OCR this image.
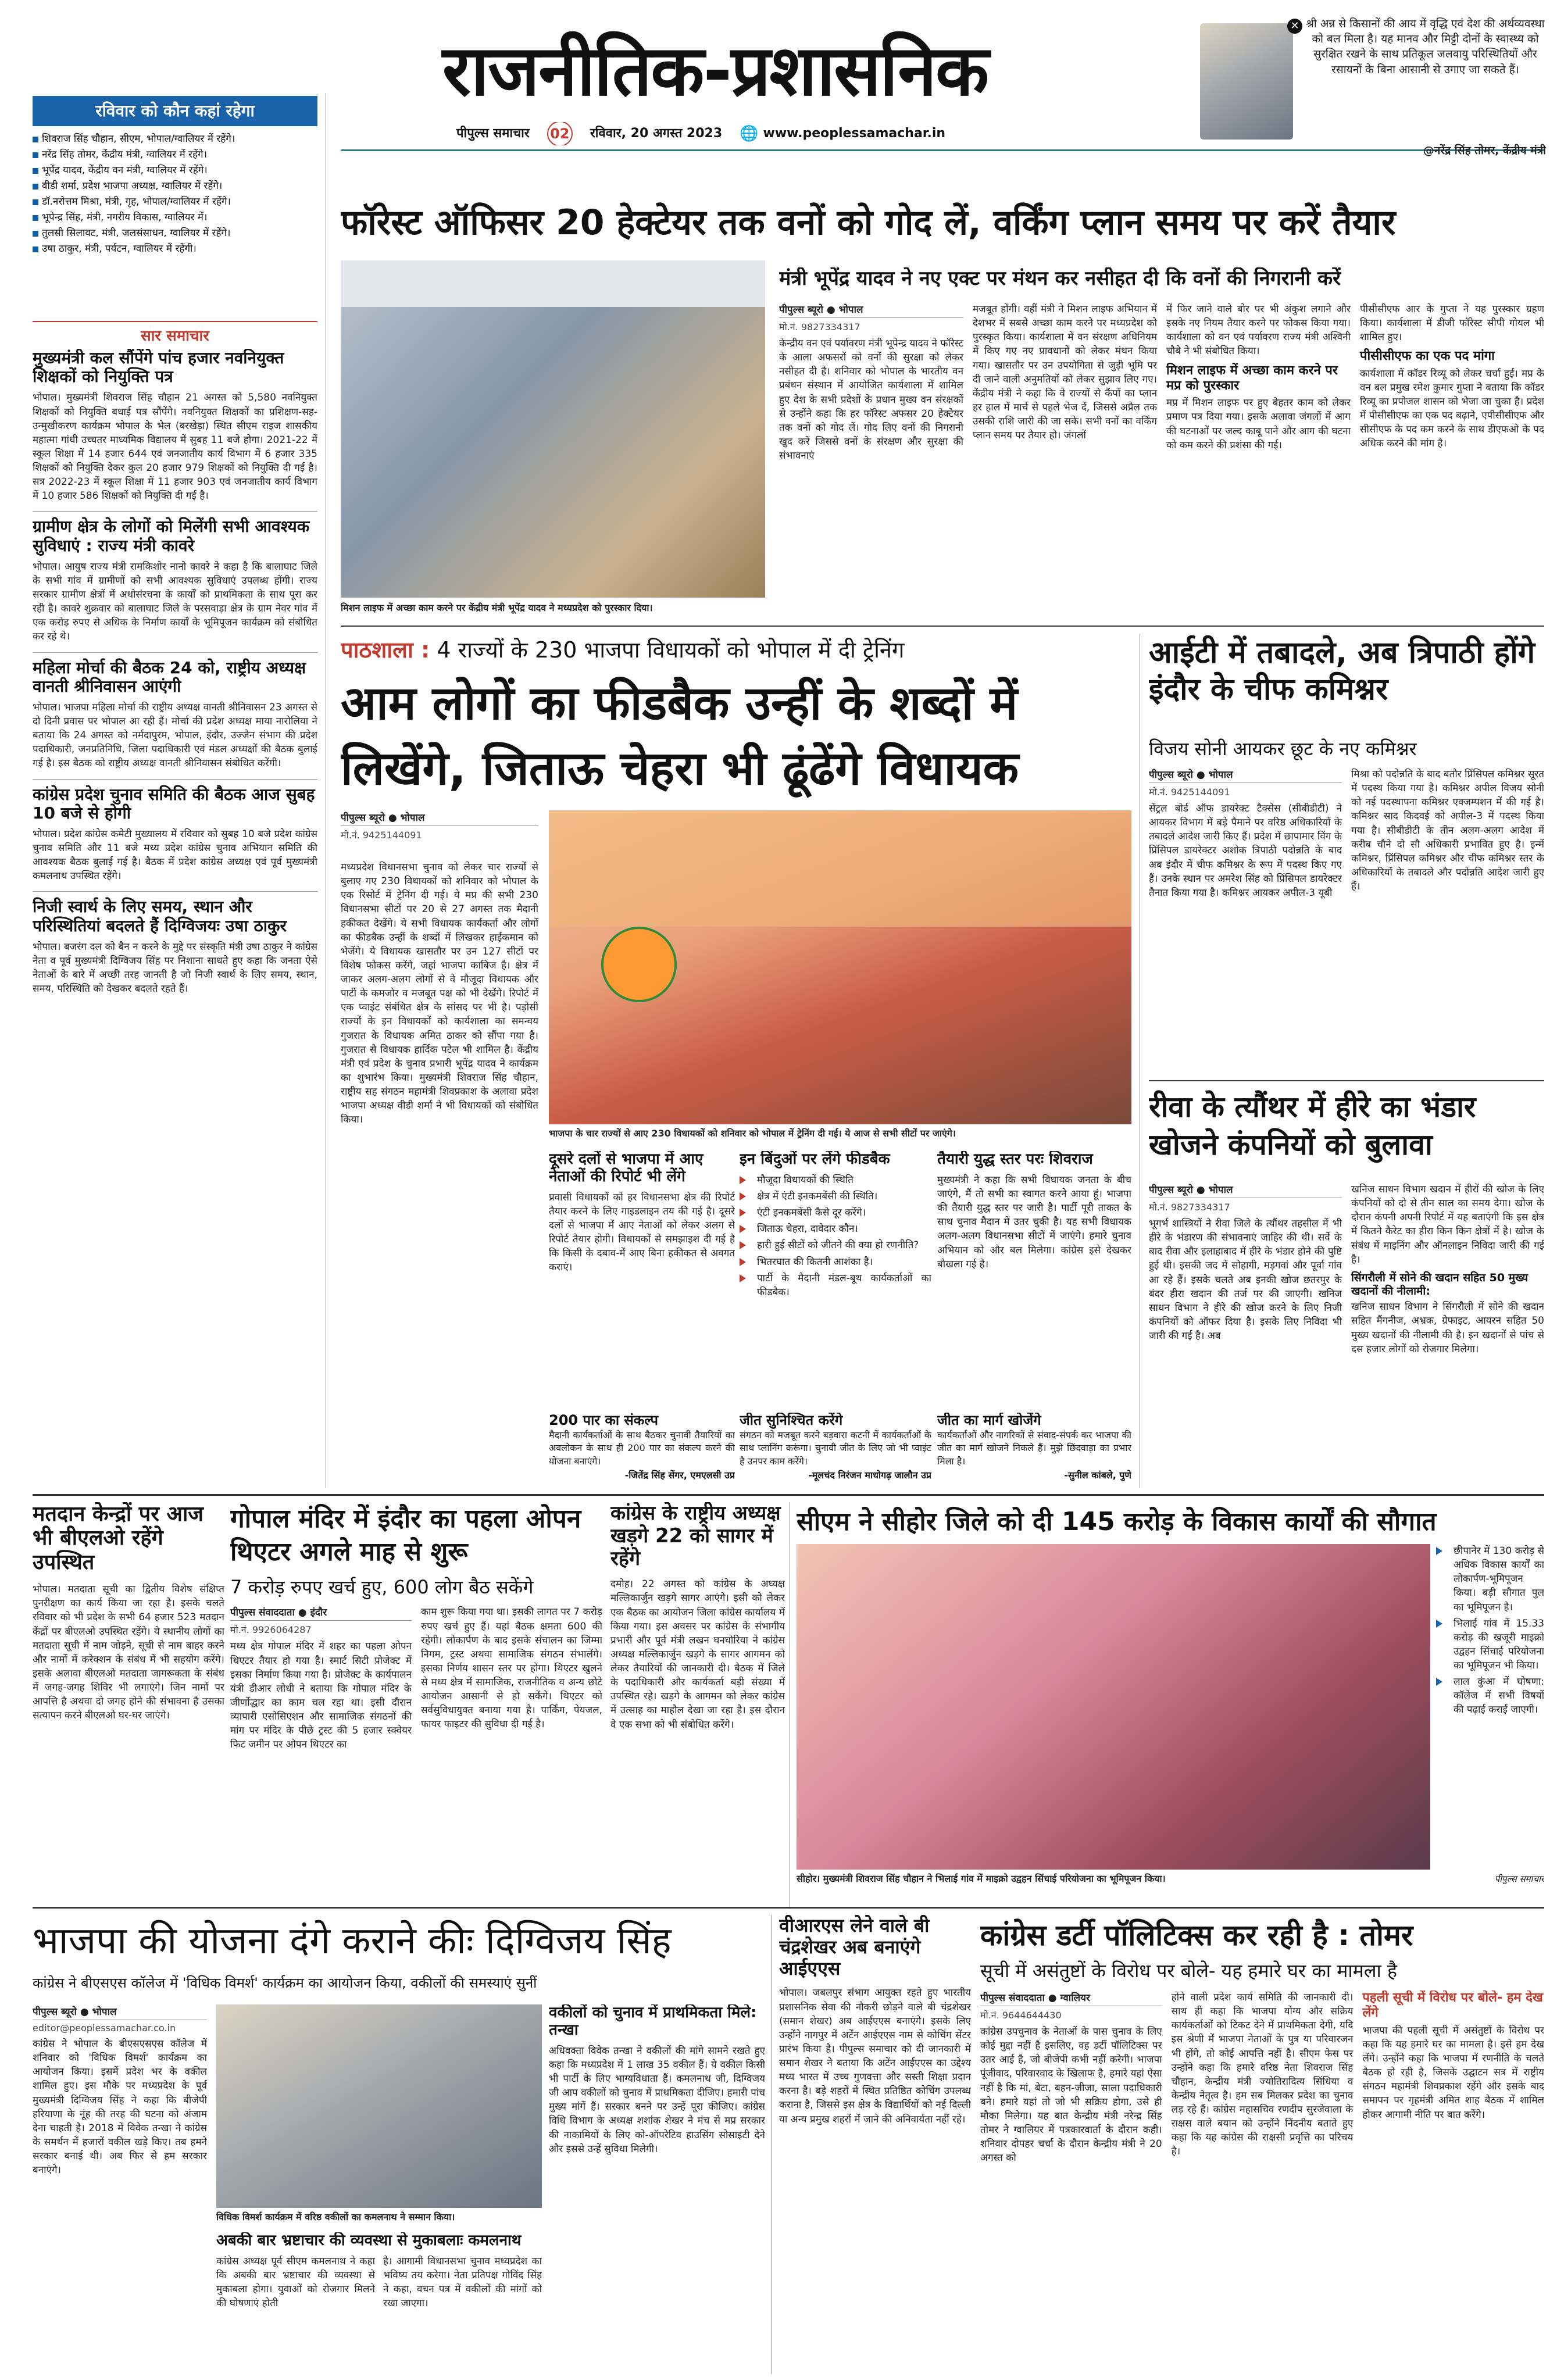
रविवार को कौन कहां रहेगा	राजनीतिक-प्रशासनिक
पीपुल्स समाचार 02 रविवार, 20 अगस्त 2023 🌐 www.peoplessamachar.in
✕ श्री अन्न से किसानों की आय में वृद्धि एवं देश की अर्थव्यवस्था को बल मिला है। यह मानव और मिट्टी दोनों के स्वास्थ्य को सुरक्षित रखने के साथ प्रतिकूल जलवायु परिस्थितियों और रसायनों के बिना आसानी से उगाए जा सकते हैं।
@नरेंद्र सिंह तोमर, केंद्रीय मंत्री
शिवराज सिंह चौहान, सीएम, भोपाल/ग्वालियर में रहेंगे।
नरेंद्र सिंह तोमर, केंद्रीय मंत्री, ग्वालियर में रहेंगे।
भूपेंद्र यादव, केंद्रीय वन मंत्री, ग्वालियर में रहेंगे।
वीडी शर्मा, प्रदेश भाजपा अध्यक्ष, ग्वालियर में रहेंगे।
डॉ.नरोत्तम मिश्रा, मंत्री, गृह, भोपाल/ग्वालियर में रहेंगे।
भूपेन्द्र सिंह, मंत्री, नगरीय विकास, ग्वालियर में।
तुलसी सिलावट, मंत्री, जलसंसाधन, ग्वालियर में रहेंगे।
उषा ठाकुर, मंत्री, पर्यटन, ग्वालियर में रहेंगी।
सार समाचार
मुख्यमंत्री कल सौंपेंगे पांच हजार नवनियुक्त शिक्षकों को नियुक्ति पत्र
भोपाल। मुख्यमंत्री शिवराज सिंह चौहान 21 अगस्त को 5,580 नवनियुक्त शिक्षकों को नियुक्ति बधाई पत्र सौंपेंगे। नवनियुक्त शिक्षकों का प्रशिक्षण-सह-उन्मुखीकरण कार्यक्रम भोपाल के भेल (बरखेड़ा) स्थित सीएम राइज शासकीय महात्मा गांधी उच्चतर माध्यमिक विद्यालय में सुबह 11 बजे होगा। 2021-22 में स्कूल शिक्षा में 14 हजार 644 एवं जनजातीय कार्य विभाग में 6 हजार 335 शिक्षकों को नियुक्ति देकर कुल 20 हजार 979 शिक्षकों को नियुक्ति दी गई है। सत्र 2022-23 में स्कूल शिक्षा में 11 हजार 903 एवं जनजातीय कार्य विभाग में 10 हजार 586 शिक्षकों को नियुक्ति दी गई है।
ग्रामीण क्षेत्र के लोगों को मिलेंगी सभी आवश्यक सुविधाएं : राज्य मंत्री कावरे
भोपाल। आयुष राज्य मंत्री रामकिशोर नानो कावरे ने कहा है कि बालाघाट जिले के सभी गांव में ग्रामीणों को सभी आवश्यक सुविधाएं उपलब्ध होंगी। राज्य सरकार ग्रामीण क्षेत्रों में अधोसंरचना के कार्यों को प्राथमिकता के साथ पूरा कर रही है। कावरे शुक्रवार को बालाघाट जिले के परसवाड़ा क्षेत्र के ग्राम नेवर गांव में एक करोड़ रुपए से अधिक के निर्माण कार्यों के भूमिपूजन कार्यक्रम को संबोधित कर रहे थे।
महिला मोर्चा की बैठक 24 को, राष्ट्रीय अध्यक्ष वानती श्रीनिवासन आएंगी
भोपाल। भाजपा महिला मोर्चा की राष्ट्रीय अध्यक्ष वानती श्रीनिवासन 23 अगस्त से दो दिनी प्रवास पर भोपाल आ रही हैं। मोर्चा की प्रदेश अध्यक्ष माया नारोलिया ने बताया कि 24 अगस्त को नर्मदापुरम, भोपाल, इंदौर, उज्जैन संभाग की प्रदेश पदाधिकारी, जनप्रतिनिधि, जिला पदाधिकारी एवं मंडल अध्यक्षों की बैठक बुलाई गई है। इस बैठक को राष्ट्रीय अध्यक्ष वानती श्रीनिवासन संबोधित करेंगी।
कांग्रेस प्रदेश चुनाव समिति की बैठक आज सुबह 10 बजे से होगी
भोपाल। प्रदेश कांग्रेस कमेटी मुख्यालय में रविवार को सुबह 10 बजे प्रदेश कांग्रेस चुनाव समिति और 11 बजे मध्य प्रदेश कांग्रेस चुनाव अभियान समिति की आवश्यक बैठक बुलाई गई है। बैठक में प्रदेश कांग्रेस अध्यक्ष एवं पूर्व मुख्यमंत्री कमलनाथ उपस्थित रहेंगे।
निजी स्वार्थ के लिए समय, स्थान और परिस्थितियां बदलते हैं दिग्विजयः उषा ठाकुर
भोपाल। बजरंग दल को बैन न करने के मुद्दे पर संस्कृति मंत्री उषा ठाकुर ने कांग्रेस नेता व पूर्व मुख्यमंत्री दिग्विजय सिंह पर निशाना साधते हुए कहा कि जनता ऐसे नेताओं के बारे में अच्छी तरह जानती है जो निजी स्वार्थ के लिए समय, स्थान, समय, परिस्थिति को देखकर बदलते रहते हैं।
फॉरेस्ट ऑफिसर 20 हेक्टेयर तक वनों को गोद लें, वर्किंग प्लान समय पर करें तैयार
मिशन लाइफ में अच्छा काम करने पर केंद्रीय मंत्री भूपेंद्र यादव ने मध्यप्रदेश को पुरस्कार दिया।
मंत्री भूपेंद्र यादव ने नए एक्ट पर मंथन कर नसीहत दी कि वनों की निगरानी करें
पीपुल्स ब्यूरो ● भोपाल
मो.नं. 9827334317
केन्द्रीय वन एवं पर्यावरण मंत्री भूपेन्द्र यादव ने फॉरेस्ट के आला अफसरों को वनों की सुरक्षा को लेकर नसीहत दी है। शनिवार को भोपाल के भारतीय वन प्रबंधन संस्थान में आयोजित कार्यशाला में शामिल हुए देश के सभी प्रदेशों के प्रधान मुख्य वन संरक्षकों से उन्होंने कहा कि हर फॉरेस्ट अफसर 20 हेक्टेयर तक वनों को गोद लें। गोद लिए वनों की निगरानी खुद करें जिससे वनों के संरक्षण और सुरक्षा की संभावनाएं
मजबूत होंगी। वहीं मंत्री ने मिशन लाइफ अभियान में देशभर में सबसे अच्छा काम करने पर मध्यप्रदेश को पुरस्कृत किया। कार्यशाला में वन संरक्षण अधिनियम में किए गए नए प्रावधानों को लेकर मंथन किया गया। खासतौर पर उन उपयोगिता से जुड़ी भूमि पर दी जाने वाली अनुमतियों को लेकर सुझाव लिए गए। केंद्रीय मंत्री ने कहा कि वे राज्यों से कैंपों का प्लान हर हाल में मार्च से पहले भेज दें, जिससे अप्रैल तक उसकी राशि जारी की जा सके। सभी वनों का वर्किंग प्लान समय पर तैयार हो। जंगलों
में फिर जाने वाले बोर पर भी अंकुश लगाने और इसके नए नियम तैयार करने पर फोकस किया गया। कार्यशाला को वन एवं पर्यावरण राज्य मंत्री अश्विनी चौबे ने भी संबोधित किया।
मिशन लाइफ में अच्छा काम करने पर मप्र को पुरस्कार
मप्र में मिशन लाइफ पर हुए बेहतर काम को लेकर प्रमाण पत्र दिया गया। इसके अलावा जंगलों में आग की घटनाओं पर जल्द काबू पाने और आग की घटना को कम करने की प्रशंसा की गई।
पीसीसीएफ आर के गुप्ता ने यह पुरस्कार ग्रहण किया। कार्यशाला में डीजी फॉरेस्ट सीपी गोयल भी शामिल हुए।
पीसीसीएफ का एक पद मांगा
कार्यशाला में कॉडर रिव्यू को लेकर चर्चा हुई। मप्र के वन बल प्रमुख रमेश कुमार गुप्ता ने बताया कि कॉडर रिव्यू का प्रपोजल शासन को भेजा जा चुका है। प्रदेश में पीसीसीएफ का एक पद बढ़ाने, एपीसीसीएफ और सीसीएफ के पद कम करने के साथ डीएफओ के पद अधिक करने की मांग है।
पाठशाला : 4 राज्यों के 230 भाजपा विधायकों को भोपाल में दी ट्रेनिंग
आम लोगों का फीडबैक उन्हीं के शब्दों में
लिखेंगे, जिताऊ चेहरा भी ढूंढेंगे विधायक
पीपुल्स ब्यूरो ● भोपाल
मो.नं. 9425144091
मध्यप्रदेश विधानसभा चुनाव को लेकर चार राज्यों से बुलाए गए 230 विधायकों को शनिवार को भोपाल के एक रिसोर्ट में ट्रेनिंग दी गई। ये मप्र की सभी 230 विधानसभा सीटों पर 20 से 27 अगस्त तक मैदानी हकीकत देखेंगे। ये सभी विधायक कार्यकर्ता और लोगों का फीडबैक उन्हीं के शब्दों में लिखकर हाईकमान को भेजेंगे। ये विधायक खासतौर पर उन 127 सीटों पर विशेष फोकस करेंगे, जहां भाजपा काबिज है। क्षेत्र में जाकर अलग-अलग लोगों से वे मौजूदा विधायक और पार्टी के कमजोर व मजबूत पक्ष को भी देखेंगे। रिपोर्ट में एक प्वाइंट संबंधित क्षेत्र के सांसद पर भी है। पड़ोसी राज्यों के इन विधायकों को कार्यशाला का समन्वय गुजरात के विधायक अमित ठाकर को सौंपा गया है। गुजरात से विधायक हार्दिक पटेल भी शामिल है। केंद्रीय मंत्री एवं प्रदेश के चुनाव प्रभारी भूपेंद्र यादव ने कार्यक्रम का शुभारंभ किया। मुख्यमंत्री शिवराज सिंह चौहान, राष्ट्रीय सह संगठन महामंत्री शिवप्रकाश के अलावा प्रदेश भाजपा अध्यक्ष वीडी शर्मा ने भी विधायकों को संबोधित किया।
भाजपा के चार राज्यों से आए 230 विधायकों को शनिवार को भोपाल में ट्रेनिंग दी गई। ये आज से सभी सीटों पर जाएंगे।
दूसरे दलों से भाजपा में आए नेताओं की रिपोर्ट भी लेंगे
प्रवासी विधायकों को हर विधानसभा क्षेत्र की रिपोर्ट तैयार करने के लिए गाइडलाइन तय की गई है। दूसरे दलों से भाजपा में आए नेताओं को लेकर अलग से रिपोर्ट तैयार होगी। विधायकों से समझाइश दी गई है कि किसी के दबाव-में आए बिना हकीकत से अवगत कराएं।
इन बिंदुओं पर लेंगे फीडबैक
मौजूदा विधायकों की स्थिति
क्षेत्र में एंटी इनकमबेंसी की स्थिति।
एंटी इनकमबेंसी कैसे दूर करेंगे।
जिताऊ चेहरा, दावेदार कौन।
हारी हुई सीटों को जीतने की क्या हो रणनीति?
भितरघात की कितनी आशंका है।
पार्टी के मैदानी मंडल-बूथ कार्यकर्ताओं का फीडबैक।
तैयारी युद्ध स्तर परः शिवराज
मुख्यमंत्री ने कहा कि सभी विधायक जनता के बीच जाएंगे, मैं तो सभी का स्वागत करने आया हूं। भाजपा की तैयारी युद्ध स्तर पर जारी है। पार्टी पूरी ताकत के साथ चुनाव मैदान में उतर चुकी है। यह सभी विधायक अलग-अलग विधानसभा सीटों में जाएंगे। हमारे चुनाव अभियान को और बल मिलेगा। कांग्रेस इसे देखकर बौखला गई है।
200 पार का संकल्प
मैदानी कार्यकर्ताओं के साथ बैठकर चुनावी तैयारियों का अवलोकन के साथ ही 200 पार का संकल्प करने की योजना बनाएंगे।
-जितेंद्र सिंह सेंगर, एमएलसी उप्र
जीत सुनिश्चित करेंगे
संगठन को मजबूत करने बड़वारा कटनी में कार्यकर्ताओं के साथ प्लानिंग करूंगा। चुनावी जीत के लिए जो भी प्वाइंट है उनपर काम करेंगे।
-मूलचंद निरंजन माधोगढ़ जालौन उप्र
जीत का मार्ग खोजेंगे
कार्यकर्ताओं और नागरिकों से संवाद-संपर्क कर भाजपा की जीत का मार्ग खोजने निकले हैं। मुझे छिंदवाड़ा का प्रभार मिला है।
-सुनील कांबले, पुणे
आईटी में तबादले, अब त्रिपाठी होंगे इंदौर के चीफ कमिश्नर
विजय सोनी आयकर छूट के नए कमिश्नर
पीपुल्स ब्यूरो ● भोपाल
मो.नं. 9425144091
सेंट्रल बोर्ड ऑफ डायरेक्ट टैक्सेस (सीबीडीटी) ने आयकर विभाग में बड़े पैमाने पर वरिष्ठ अधिकारियों के तबादले आदेश जारी किए हैं। प्रदेश में छापामार विंग के प्रिंसिपल डायरेक्टर अशोक त्रिपाठी पदोन्नति के बाद अब इंदौर में चीफ कमिश्नर के रूप में पदस्थ किए गए हैं। उनके स्थान पर अमरेश सिंह को प्रिंसिपल डायरेक्टर तैनात किया गया है। कमिश्नर आयकर अपील-3 यूबी
मिश्रा को पदोन्नति के बाद बतौर प्रिंसिपल कमिश्नर सूरत में पदस्थ किया गया है। कमिश्नर अपील विजय सोनी को नई पदस्थापना कमिश्नर एक्जम्पशन में की गई है। कमिश्नर साद किदवई को अपील-3 में पदस्थ किया गया है। सीबीडीटी के तीन अलग-अलग आदेश में करीब चौने दो सौ अधिकारी प्रभावित हुए है। इन्में कमिश्नर, प्रिंसिपल कमिश्नर और चीफ कमिश्नर स्तर के अधिकारियों के तबादले और पदोन्नति आदेश जारी हुए हैं।
रीवा के त्यौंथर में हीरे का भंडार खोजने कंपनियों को बुलावा
पीपुल्स ब्यूरो ● भोपाल
मो.नं. 9827334317
भूगर्भ शास्त्रियों ने रीवा जिले के त्यौंथर तहसील में भी हीरे के भंडारण की संभावनाएं जाहिर की थी। सर्वे के बाद रीवा और इलाहाबाद में हीरे के भंडार होने की पुष्टि हुई थी। इसकी जद में सोहागी, मड़गवां और पूर्वा गांव आ रहे हैं। इसके चलते अब इनकी खोज छतरपुर के बंदर हीरा खदान की तर्ज पर की जाएगी। खनिज साधन विभाग ने हीरे की खोज करने के लिए निजी कंपनियों को ऑफर दिया है। इसके लिए निविदा भी जारी की गई है। अब
खनिज साधन विभाग खदान में हीरों की खोज के लिए कंपनियों को दो से तीन साल का समय देगा। खोज के दौरान कंपनी अपनी रिपोर्ट में यह बताएंगी कि इस क्षेत्र में कितने कैरेट का हीरा किन किन क्षेत्रों में है। खोज के संबंध में माइनिंग और ऑनलाइन निविदा जारी की गई है।
सिंगरौली में सोने की खदान सहित 50 मुख्य खदानों की नीलामी:
खनिज साधन विभाग ने सिंगरौली में सोने की खदान सहित मैंगनीज, अभ्रक, ग्रेफाइट, आयरन सहित 50 मुख्य खदानों की नीलामी की है। इन खदानों से पांच से दस हजार लोगों को रोजगार मिलेगा।
मतदान केन्द्रों पर आज भी बीएलओ रहेंगे उपस्थित
भोपाल। मतदाता सूची का द्वितीय विशेष संक्षिप्त पुनरीक्षण का कार्य किया जा रहा है। इसके चलते रविवार को भी प्रदेश के सभी 64 हजार 523 मतदान केंद्रों पर बीएलओ उपस्थित रहेंगे। ये स्थानीय लोगों का मतदाता सूची में नाम जोड़ने, सूची से नाम बाहर करने और नामों में करेक्शन के संबंध में भी सहयोग करेंगे। इसके अलावा बीएलओ मतदाता जागरूकता के संबंध में जगह-जगह शिविर भी लगाएंगे। जिन नामों पर आपत्ति है अथवा दो जगह होने की संभावना है उसका सत्यापन करने बीएलओ घर-घर जाएंगे।
गोपाल मंदिर में इंदौर का पहला ओपन थिएटर अगले माह से शुरू
7 करोड़ रुपए खर्च हुए, 600 लोग बैठ सकेंगे
पीपुल्स संवाददाता ● इंदौर
मो.नं. 9926064287
मध्य क्षेत्र गोपाल मंदिर में शहर का पहला ओपन थिएटर तैयार हो गया है। स्मार्ट सिटी प्रोजेक्ट में इसका निर्माण किया गया है। प्रोजेक्ट के कार्यपालन यंत्री डीआर लोधी ने बताया कि गोपाल मंदिर के जीर्णोद्धार का काम चल रहा था। इसी दौरान व्यापारी एसोसिएशन और सामाजिक संगठनों की मांग पर मंदिर के पीछे ट्रस्ट की 5 हजार स्क्वेयर फिट जमीन पर ओपन थिएटर का
काम शुरू किया गया था। इसकी लागत पर 7 करोड़ रुपए खर्च हुए हैं। यहां बैठक क्षमता 600 की रहेगी। लोकार्पण के बाद इसके संचालन का जिम्मा निगम, ट्रस्ट अथवा सामाजिक संगठन संभालेंगे। इसका निर्णय शासन स्तर पर होगा। थिएटर खुलने से मध्य क्षेत्र में सामाजिक, राजनीतिक व अन्य छोटे आयोजन आसानी से हो सकेंगे। थिएटर को सर्वसुविधायुक्त बनाया गया है। पार्किंग, पेयजल, फायर फाइटर की सुविधा दी गई है।
कांग्रेस के राष्ट्रीय अध्यक्ष खड़गे 22 को सागर में रहेंगे
दमोह। 22 अगस्त को कांग्रेस के अध्यक्ष मल्लिकार्जुन खड़गे सागर आएंगे। इसी को लेकर एक बैठक का आयोजन जिला कांग्रेस कार्यालय में किया गया। इस अवसर पर कांग्रेस के संभागीय प्रभारी और पूर्व मंत्री लखन घनघोरिया ने कांग्रेस अध्यक्ष मल्लिकार्जुन खड़गे के सागर आगमन को लेकर तैयारियों की जानकारी दी। बैठक में जिले के पदाधिकारी और कार्यकर्ता बड़ी संख्या में उपस्थित रहे। खड़गे के आगमन को लेकर कांग्रेस में उत्साह का माहौल देखा जा रहा है। इस दौरान वे एक सभा को भी संबोधित करेंगे।
सीएम ने सीहोर जिले को दी 145 करोड़ के विकास कार्यों की सौगात
सीहोर। मुख्यमंत्री शिवराज सिंह चौहान ने भिलाई गांव में माइक्रो उद्वहन सिंचाई परियोजना का भूमिपूजन किया।
छीपानेर में 130 करोड़ से अधिक विकास कार्यों का लोकार्पण-भूमिपूजन किया। बड़ी सौगात पुल का भूमिपूजन है।
भिलाई गांव में 15.33 करोड़ की खजूरी माइक्रो उद्वहन सिंचाई परियोजना का भूमिपूजन भी किया।
लाल कुंआ में घोषणा: कॉलेज में सभी विषयों की पढ़ाई कराई जाएगी।
पीपुल्स समाचार
भाजपा की योजना दंगे कराने कीः दिग्विजय सिंह
कांग्रेस ने बीएसएस कॉलेज में 'विधिक विमर्श' कार्यक्रम का आयोजन किया, वकीलों की समस्याएं सुनीं
पीपुल्स ब्यूरो ● भोपाल
editor@peoplessamachar.co.in
कांग्रेस ने भोपाल के बीएसएसएस कॉलेज में शनिवार को 'विधिक विमर्श' कार्यक्रम का आयोजन किया। इसमें प्रदेश भर के वकील शामिल हुए। इस मौके पर मध्यप्रदेश के पूर्व मुख्यमंत्री दिग्विजय सिंह ने कहा कि बीजेपी हरियाणा के नूंह की तरह की घटना को अंजाम देना चाहती है। 2018 में विवेक तन्खा ने कांग्रेस के समर्थन में हजारों वकील खड़े किए। तब हमने सरकार बनाई थी। अब फिर से हम सरकार बनाएंगे।
विधिक विमर्श कार्यक्रम में वरिष्ठ वकीलों का कमलनाथ ने सम्मान किया।
वकीलों को चुनाव में प्राथमिकता मिले: तन्खा
अधिवक्ता विवेक तन्खा ने वकीलों की मांगे सामने रखते हुए कहा कि मध्यप्रदेश में 1 लाख 35 वकील हैं। ये वकील किसी भी पार्टी के लिए भाग्यविधाता हैं। कमलनाथ जी, दिग्विजय जी आप वकीलों को चुनाव में प्राथमिकता दीजिए। हमारी पांच मुख्य मांगें हैं। सरकार बनने पर उन्हें पूरा कीजिए। कांग्रेस विधि विभाग के अध्यक्ष शशांक शेखर ने मंच से मप्र सरकार की नाकामियों के लिए को-ऑपरेटिव हाउसिंग सोसाइटी देने और इससे उन्हें सुविधा मिलेगी।
अबकी बार भ्रष्टाचार की व्यवस्था से मुकाबलाः कमलनाथ
कांग्रेस अध्यक्ष पूर्व सीएम कमलनाथ ने कहा कि अबकी बार भ्रष्टाचार की व्यवस्था से मुकाबला होगा। युवाओं को रोजगार मिलने की घोषणाएं होती
है। आगामी विधानसभा चुनाव मध्यप्रदेश का भविष्य तय करेगा। नेता प्रतिपक्ष गोविंद सिंह ने कहा, वचन पत्र में वकीलों की मांगों को रखा जाएगा।
वीआरएस लेने वाले बी चंद्रशेखर अब बनाएंगे आईएएस
भोपाल। जबलपुर संभाग आयुक्त रहते हुए भारतीय प्रशासनिक सेवा की नौकरी छोड़ने वाले बी चंद्रशेखर (समान शेखर) अब आईएएस बनाएंगे। इसके लिए उन्होंने नागपुर में अटेंन आईएएस नाम से कोचिंग सेंटर प्रारंभ किया है। पीपुल्स समाचार को दी जानकारी में समान शेखर ने बताया कि अटेंन आईएएस का उद्देश्य मध्य भारत में उच्च गुणवत्ता और सस्ती शिक्षा प्रदान करना है। बड़े शहरों में स्थित प्रतिष्ठित कोचिंग उपलब्ध कराना है, जिससे इस क्षेत्र के विद्यार्थियों को नई दिल्ली या अन्य प्रमुख शहरों में जाने की अनिवार्यता नहीं रहे।
कांग्रेस डर्टी पॉलिटिक्स कर रही है : तोमर
सूची में असंतुष्टों के विरोध पर बोले- यह हमारे घर का मामला है
पीपुल्स संवाददाता ● ग्वालियर
मो.नं. 9644644430
कांग्रेस उपचुनाव के नेताओं के पास चुनाव के लिए कोई मुद्दा नहीं है इसलिए, वह डर्टी पॉलिटिक्स पर उतर आई है, जो बीजेपी कभी नहीं करेगी। भाजपा पूंजीवाद, परिवारवाद के खिलाफ है, हमारे यहां ऐसा नहीं है कि मां, बेटा, बहन-जीजा, साला पदाधिकारी बने। हमारे यहां तो जो भी सक्रिय होगा, उसे ही मौका मिलेगा। यह बात केन्द्रीय मंत्री नरेन्द्र सिंह तोमर ने ग्वालियर में पत्रकारवार्ता के दौरान कही। शनिवार दोपहर चर्चा के दौरान केन्द्रीय मंत्री ने 20 अगस्त को
होने वाली प्रदेश कार्य समिति की जानकारी दी। साथ ही कहा कि भाजपा योग्य और सक्रिय कार्यकर्ताओं को टिकट देने में प्राथमिकता देगी, यदि इस श्रेणी में भाजपा नेताओं के पुत्र या परिवारजन भी होंगे, तो कोई आपत्ति नहीं है। सीएम फेस पर उन्होंने कहा कि हमारे वरिष्ठ नेता शिवराज सिंह चौहान, केन्द्रीय मंत्री ज्योतिरादित्य सिंधिया व केन्द्रीय नेतृत्व है। हम सब मिलकर प्रदेश का चुनाव लड़ रहे हैं। कांग्रेस महासचिव रणदीप सुरजेवाला के राक्षस वाले बयान को उन्होंने निंदनीय बताते हुए कहा कि यह कांग्रेस की राक्षसी प्रवृत्ति का परिचय है।
पहली सूची में विरोध पर बोले- हम देख लेंगे
भाजपा की पहली सूची में असंतुष्टों के विरोध पर कहा कि यह हमारे घर का मामला है। इसे हम देख लेंगे। उन्होंने कहा कि भाजपा में रणनीति के चलते बैठक हो रही है, जिसके उद्घाटन सत्र में राष्ट्रीय संगठन महामंत्री शिवप्रकाश रहेंगे और इसके बाद समापन पर गृहमंत्री अमित शाह बैठक में शामिल होकर आगामी नीति पर बात करेंगे।
